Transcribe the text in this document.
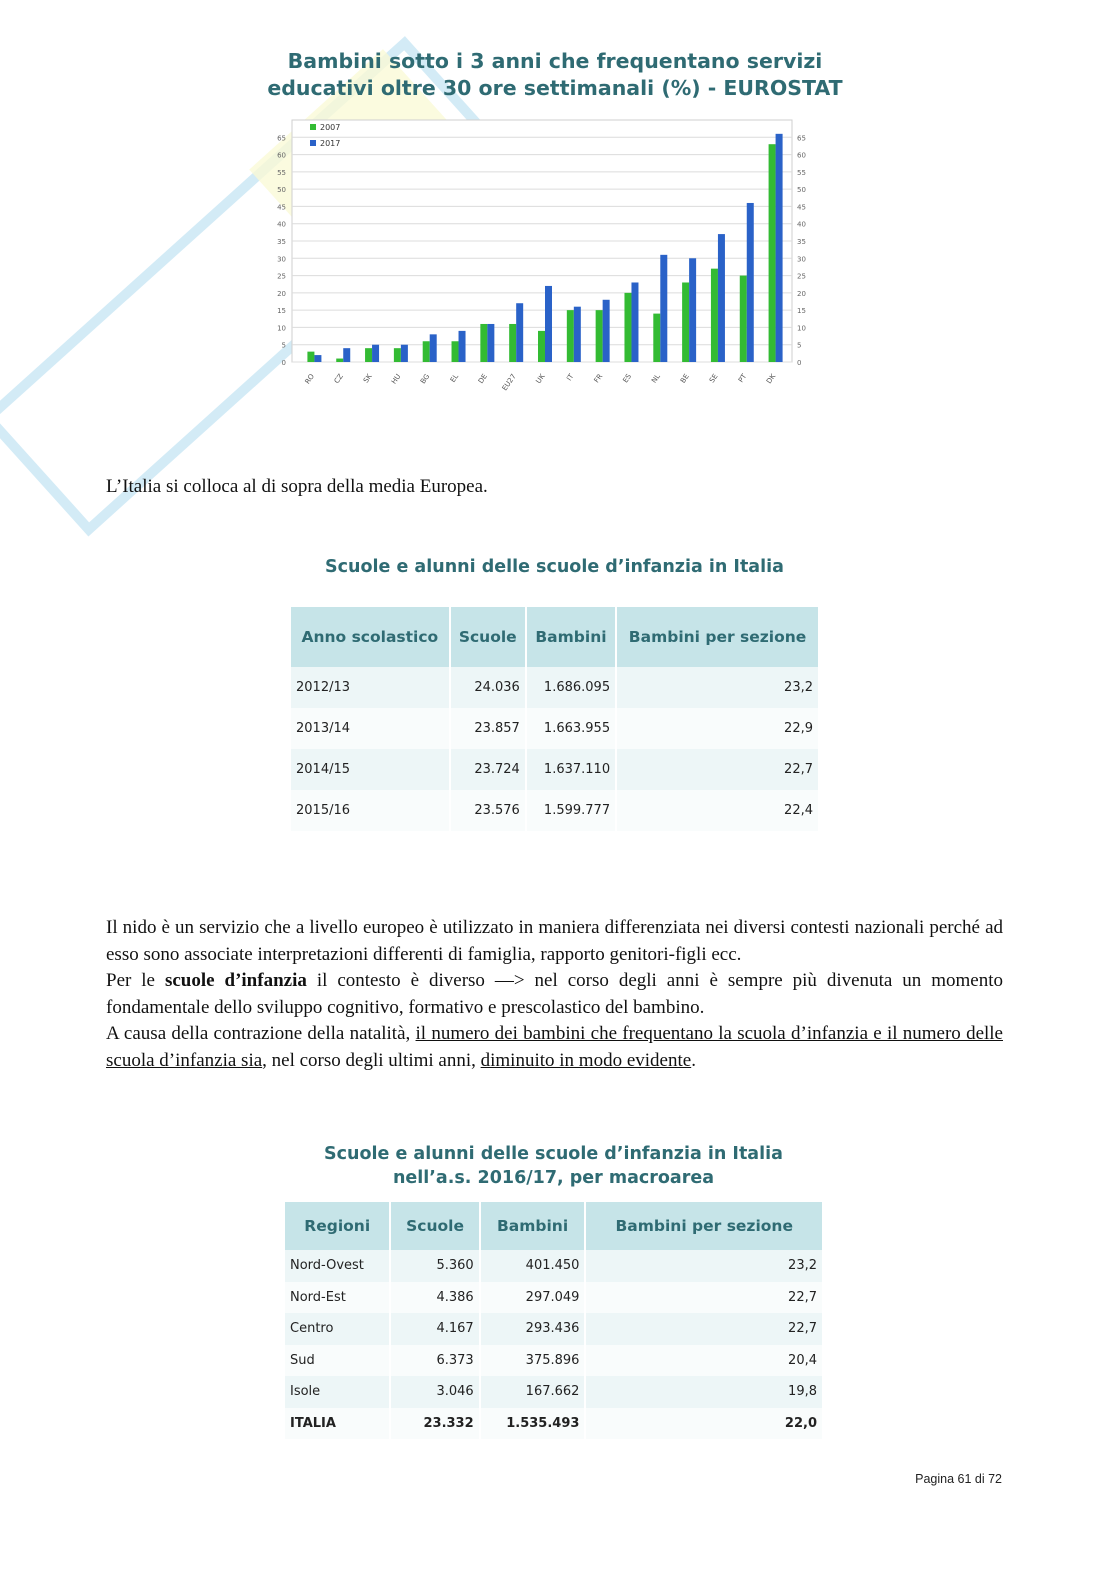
Bambini sotto i 3 anni che frequentano servizi
educativi oltre 30 ore settimanali (%) - EUROSTAT
0	0
5	5
10	10
15	15
20	20
25	25
30	30
35	35
40	40
45	45
50	50
55	55
60	60
65	65
RO CZ SK HU BG EL DE EU27 UK	IT FR ES NL BE SE PT DK
2007
2017
L’Italia si colloca al di sopra della media Europea.
Scuole e alunni delle scuole d’infanzia in Italia
Anno scolastico	Scuole	Bambini	Bambini per sezione
2012/13	24.036	1.686.095	23,2
2013/14	23.857	1.663.955	22,9
2014/15	23.724	1.637.110	22,7
2015/16	23.576	1.599.777	22,4

Il nido è un servizio che a livello europeo è utilizzato in maniera differenziata nei diversi contesti nazionali perché ad esso sono associate interpretazioni differenti di famiglia, rapporto genitori-figli ecc.

Per le scuole d’infanzia il contesto è diverso —> nel corso degli anni è sempre più divenuta un momento fondamentale dello sviluppo cognitivo, formativo e prescolastico del bambino.

A causa della contrazione della natalità, il numero dei bambini che frequentano la scuola d’infanzia e il numero delle scuola d’infanzia sia, nel corso degli ultimi anni, diminuito in modo evidente.

Scuole e alunni delle scuole d’infanzia in Italia
nell’a.s. 2016/17, per macroarea
Regioni	Scuole	Bambini	Bambini per sezione
Nord-Ovest	5.360	401.450	23,2
Nord-Est	4.386	297.049	22,7
Centro	4.167	293.436	22,7
Sud	6.373	375.896	20,4
Isole	3.046	167.662	19,8
ITALIA	23.332	1.535.493	22,0
Pagina 61 di 72
